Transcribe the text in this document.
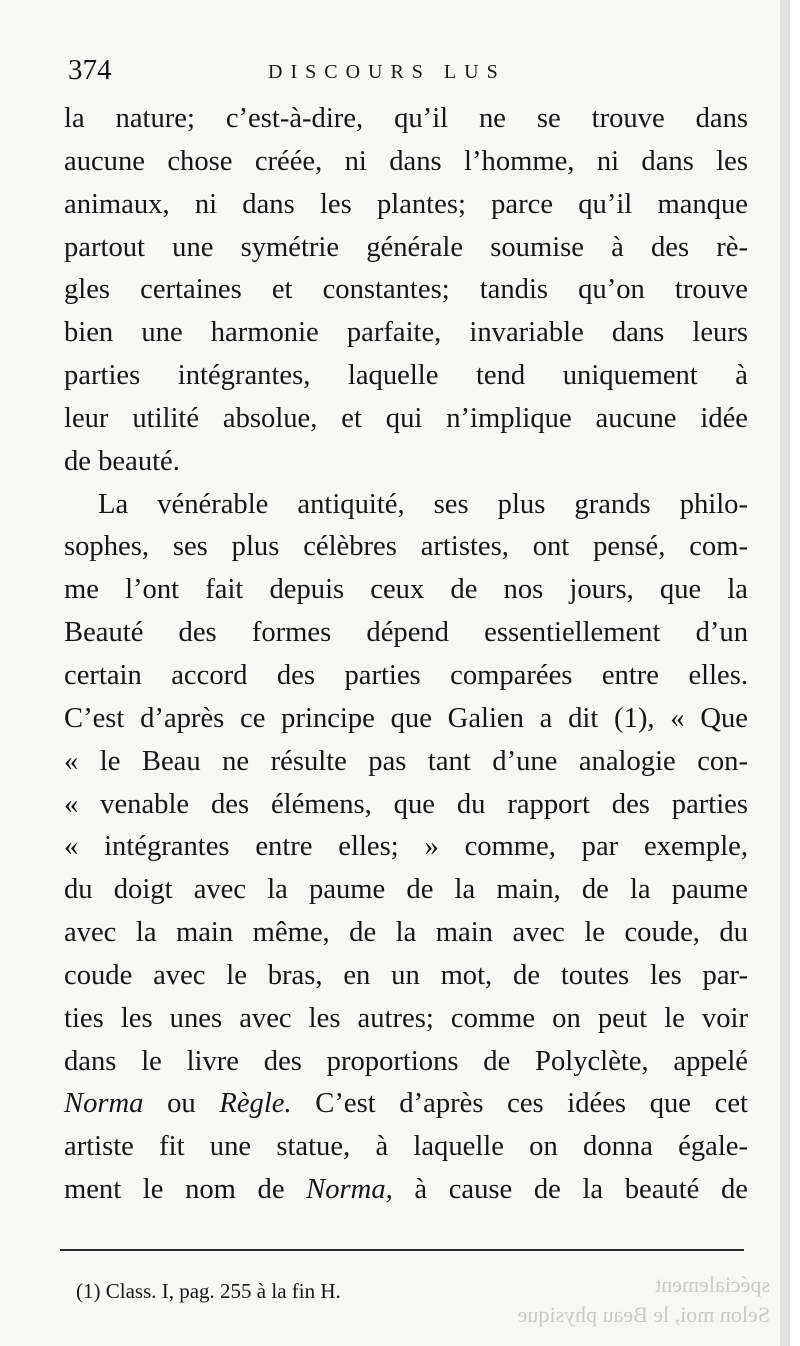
spécialement
Selon moi, le Beau physique
374	DISCOURS LUS
la nature; c’est-à-dire, qu’il ne se trouve dans
aucune chose créée, ni dans l’homme, ni dans les
animaux, ni dans les plantes; parce qu’il manque
partout une symétrie générale soumise à des rè-
gles certaines et constantes; tandis qu’on trouve
bien une harmonie parfaite, invariable dans leurs
parties intégrantes, laquelle tend uniquement à
leur utilité absolue, et qui n’implique aucune idée
de beauté.
La vénérable antiquité, ses plus grands philo-
sophes, ses plus célèbres artistes, ont pensé, com-
me l’ont fait depuis ceux de nos jours, que la
Beauté des formes dépend essentiellement d’un
certain accord des parties comparées entre elles.
C’est d’après ce principe que Galien a dit (1), « Que
« le Beau ne résulte pas tant d’une analogie con-
« venable des élémens, que du rapport des parties
« intégrantes entre elles; » comme, par exemple,
du doigt avec la paume de la main, de la paume
avec la main même, de la main avec le coude, du
coude avec le bras, en un mot, de toutes les par-
ties les unes avec les autres; comme on peut le voir
dans le livre des proportions de Polyclète, appelé
Norma ou Règle. C’est d’après ces idées que cet
artiste fit une statue, à laquelle on donna égale-
ment le nom de Norma, à cause de la beauté de
(1) Class. I, pag. 255 à la fin H.
